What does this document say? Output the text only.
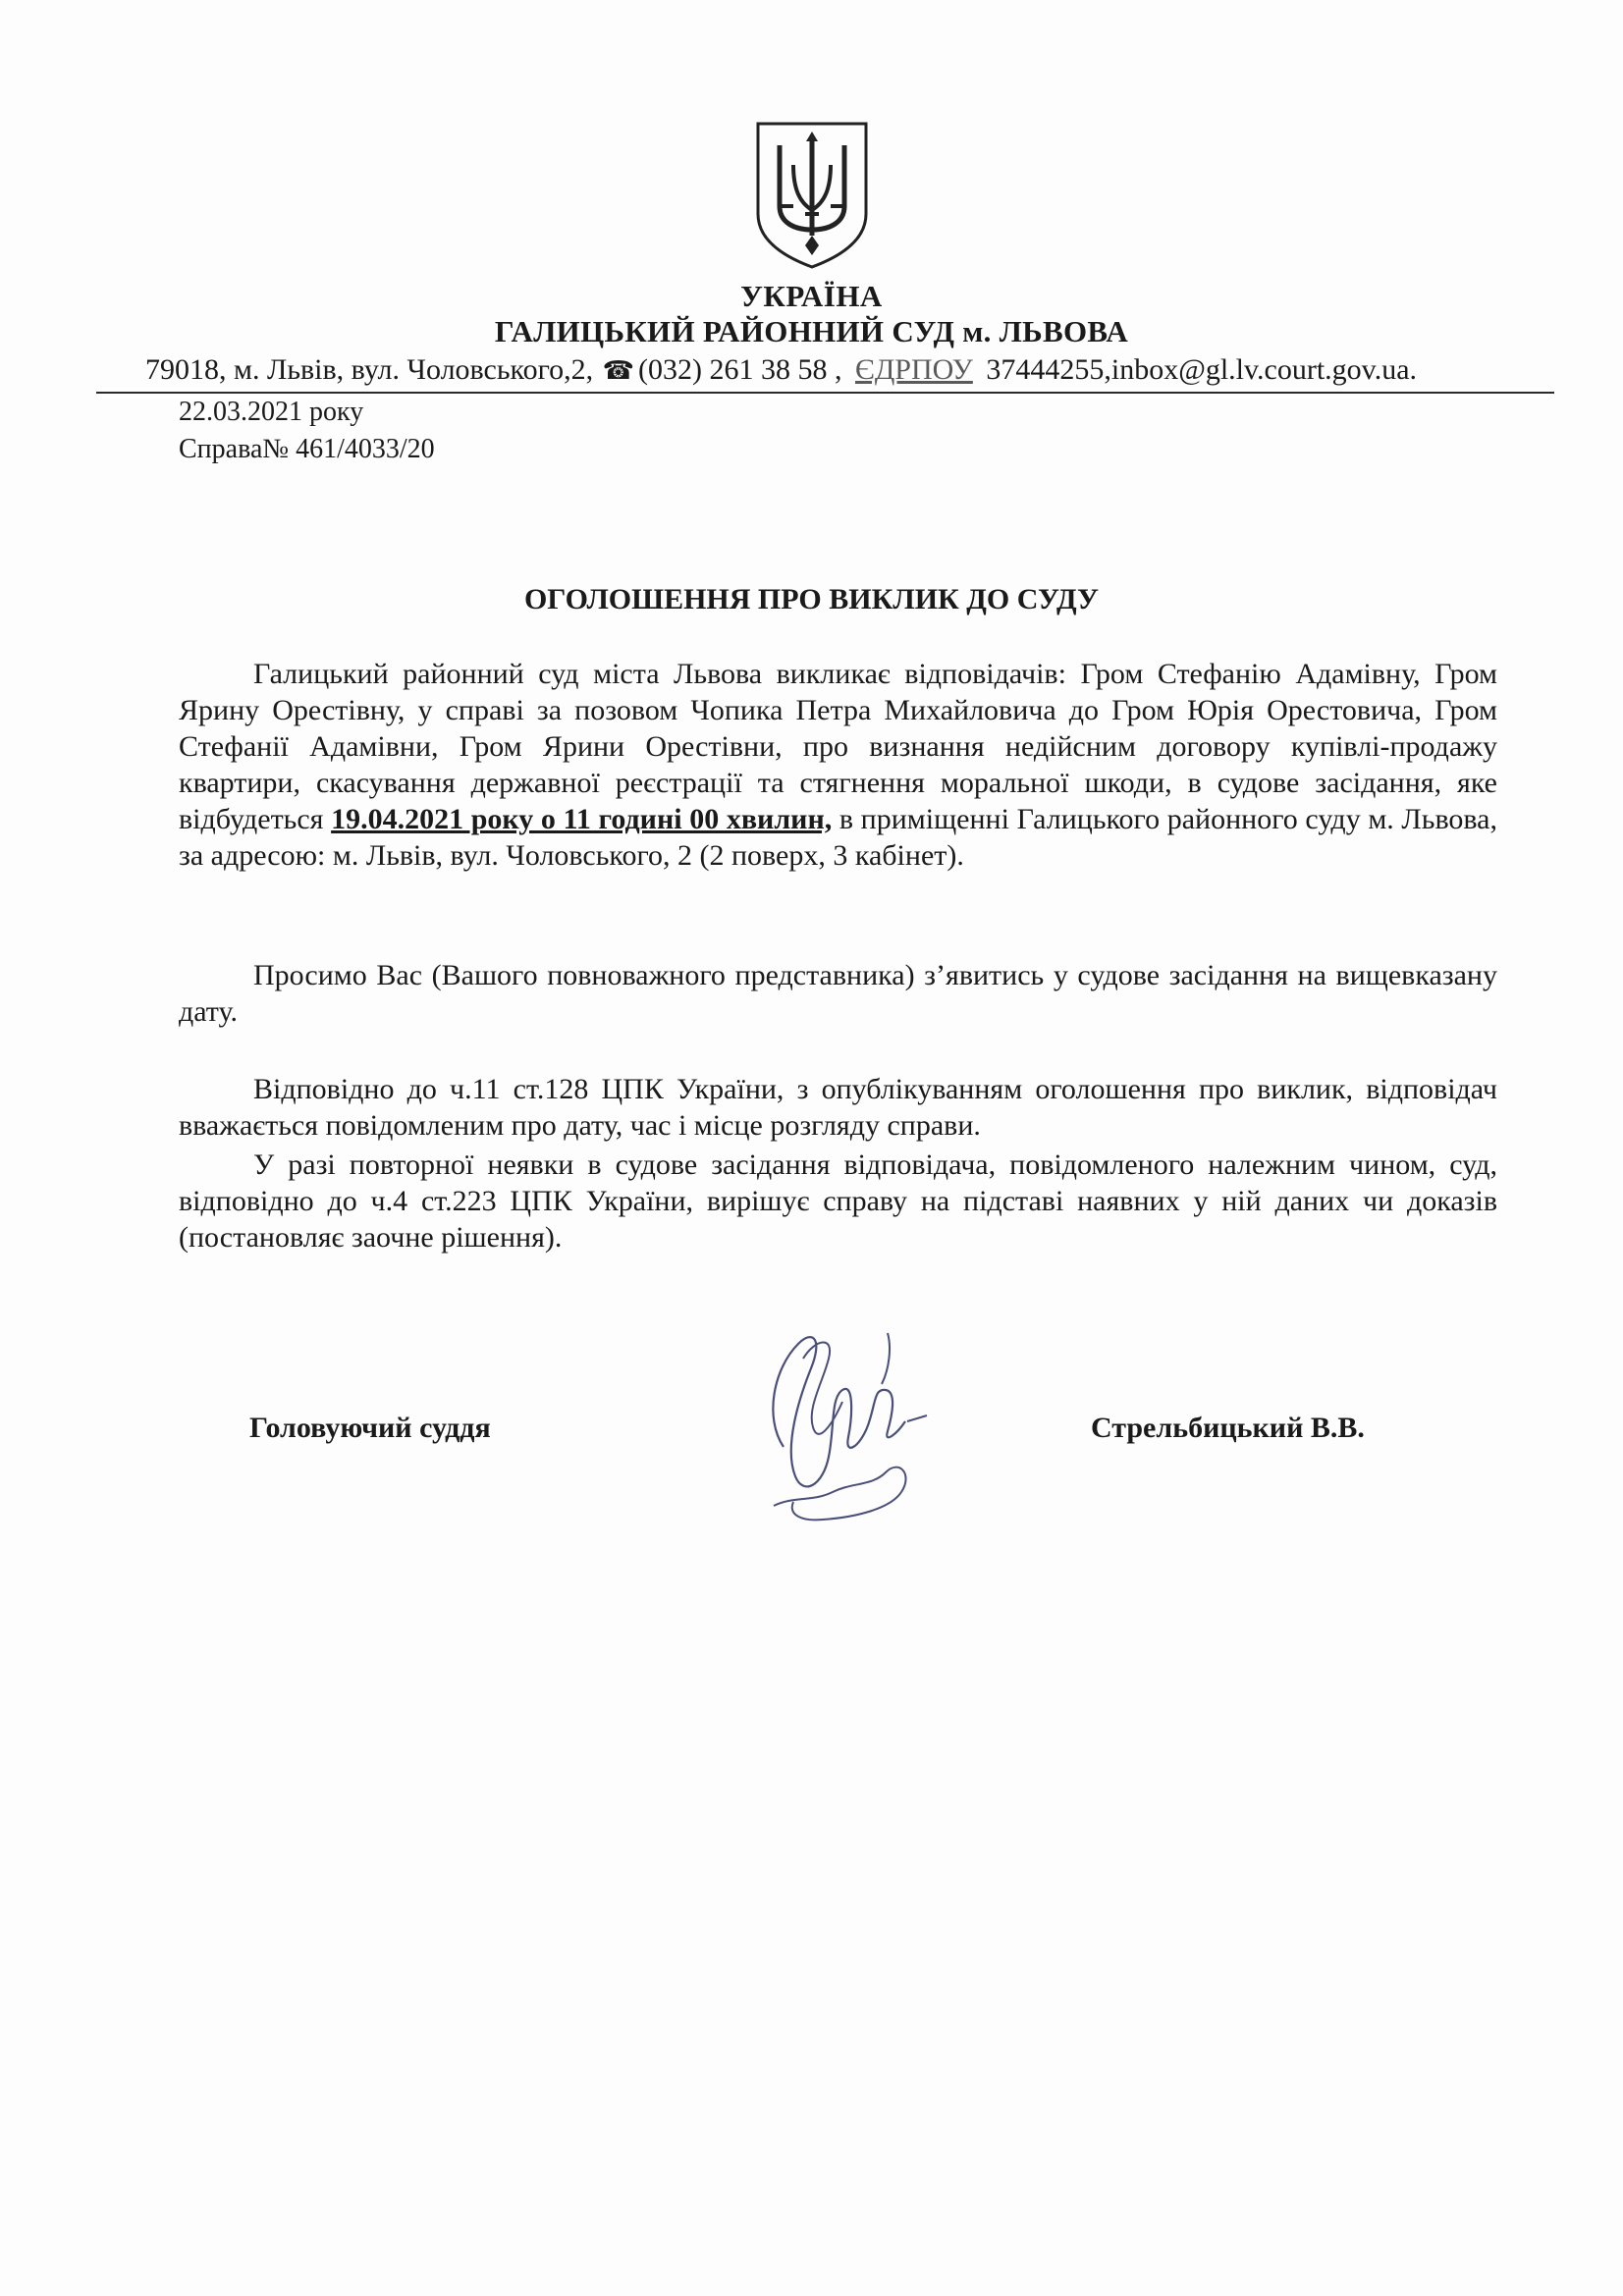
УКРАЇНА
ГАЛИЦЬКИЙ РАЙОННИЙ СУД м. ЛЬВОВА
79018, м. Львів, вул. Чоловського,2, ☎ (032) 261 38 58 , ЄДРПОУ 37444255,inbox@gl.lv.court.gov.ua.
22.03.2021 року
Справа№ 461/4033/20
ОГОЛОШЕННЯ ПРО ВИКЛИК ДО СУДУ

Галицький районний суд міста Львова викликає відповідачів: Гром Стефанію Адамівну, Гром Ярину Орестівну, у справі за позовом Чопика Петра Михайловича до Гром Юрія Орестовича, Гром Стефанії Адамівни, Гром Ярини Орестівни, про визнання недійсним договору купівлі-продажу квартири, скасування державної реєстрації та стягнення моральної шкоди, в судове засідання, яке відбудеться 19.04.2021 року о 11 годині 00 хвилин, в приміщенні Галицького районного суду м. Львова, за адресою: м. Львів, вул. Чоловського, 2 (2 поверх, 3 кабінет).

Просимо Вас (Вашого повноважного представника) з’явитись у судове засідання на вищевказану дату.

Відповідно до ч.11 ст.128 ЦПК України, з опублікуванням оголошення про виклик, відповідач вважається повідомленим про дату, час і місце розгляду справи.

У разі повторної неявки в судове засідання відповідача, повідомленого належним чином, суд, відповідно до ч.4 ст.223 ЦПК України, вирішує справу на підставі наявних у ній даних чи доказів (постановляє заочне рішення).

Головуючий суддя	Стрельбицький В.В.
